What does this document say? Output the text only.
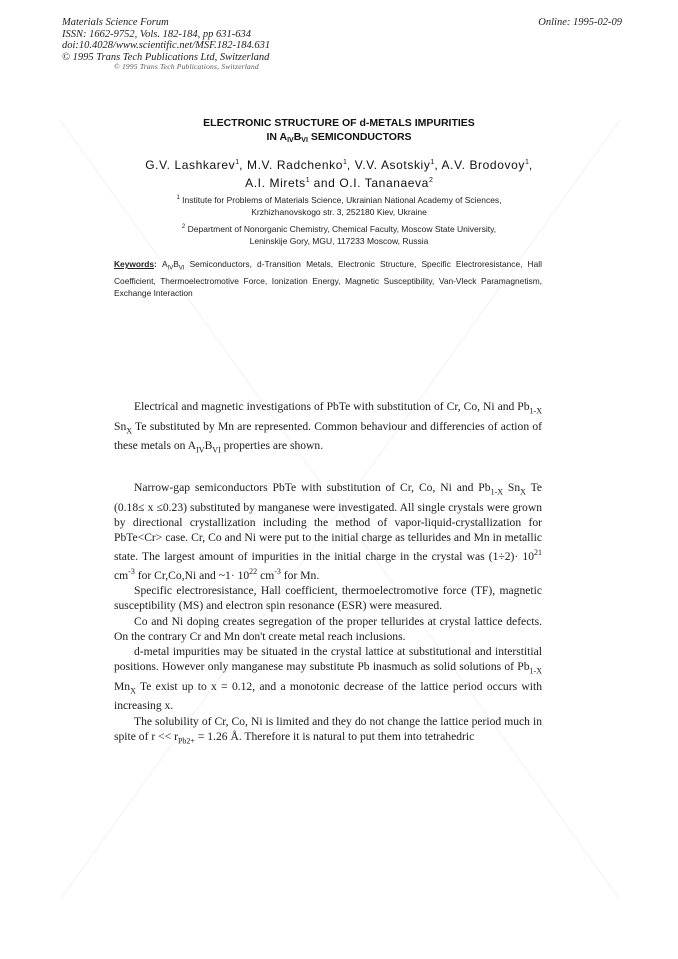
Materials Science Forum
ISSN: 1662-9752, Vols. 182-184, pp 631-634
doi:10.4028/www.scientific.net/MSF.182-184.631
© 1995 Trans Tech Publications Ltd, Switzerland
© 1995 Trans Tech Publications, Switzerland
Online: 1995-02-09
ELECTRONIC STRUCTURE OF d-METALS IMPURITIES
IN $A_{IV}B_{VI}$ SEMICONDUCTORS
G.V. Lashkarev$^1$, M.V. Radchenko$^1$, V.V. Asotskiy$^1$, A.V. Brodovoy$^1$,
A.I. Mirets$^1$ and O.I. Tananaeva$^2$
$^1$ Institute for Problems of Materials Science, Ukrainian National Academy of Sciences,
Krzhizhanovskogo str. 3, 252180 Kiev, Ukraine
$^2$ Department of Nonorganic Chemistry, Chemical Faculty, Moscow State University,
Leninskije Gory, MGU, 117233 Moscow, Russia
Keywords: $A_{IV}B_{VI}$ Semiconductors, d-Transition Metals, Electronic Structure, Specific Electroresistance, Hall Coefficient, Thermoelectromotive Force, Ionization Energy, Magnetic Susceptibility, Van-Vleck Paramagnetism, Exchange Interaction

Electrical and magnetic investigations of PbTe with substitution of Cr, Co, Ni and $Pb_{1-X}$ $Sn_X$ Te substituted by Mn are represented. Common behaviour and differencies of action of these metals on $A_{IV}B_{VI}$ properties are shown.

Narrow-gap semiconductors PbTe with substitution of Cr, Co, Ni and $Pb_{1-X}$ $Sn_X$ Te (0.18≤ x ≤0.23) substituted by manganese were investigated. All single crystals were grown by directional crystallization including the method of vapor-liquid-crystallization for PbTe<Cr> case. Cr, Co and Ni were put to the initial charge as tellurides and Mn in metallic state. The largest amount of impurities in the initial charge in the crystal was $(1\div 2)\cdot 10^{21}$ $cm^{-3}$ for Cr,Co,Ni and ~1· $10^{22}$ $cm^{-3}$ for Mn.

Specific electroresistance, Hall coefficient, thermoelectromotive force (TF), magnetic susceptibility (MS) and electron spin resonance (ESR) were measured.

Co and Ni doping creates segregation of the proper tellurides at crystal lattice defects. On the contrary Cr and Mn don't create metal reach inclusions.

d-metal impurities may be situated in the crystal lattice at substitutional and interstitial positions. However only manganese may substitute Pb inasmuch as solid solutions of $Pb_{1-X}$ $Mn_X$ Te exist up to x = 0.12, and a monotonic decrease of the lattice period occurs with increasing x.

The solubility of Cr, Co, Ni is limited and they do not change the lattice period much in spite of $r << r_{Pb2+} = 1.26$ Å. Therefore it is natural to put them into tetrahedric
